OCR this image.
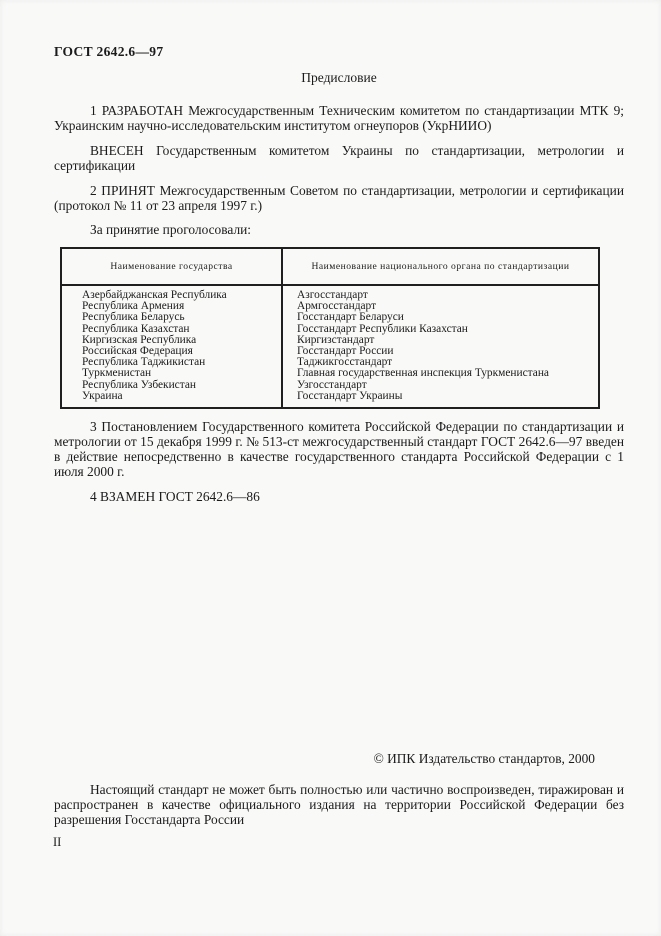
ГОСТ 2642.6—97
Предисловие

1 РАЗРАБОТАН Межгосударственным Техническим комитетом по стандартизации МТК 9; Украинским научно-исследовательским институтом огнеупоров (УкрНИИО)

ВНЕСЕН Государственным комитетом Украины по стандартизации, метрологии и сертификации

2 ПРИНЯТ Межгосударственным Советом по стандартизации, метрологии и сертификации (протокол № 11 от 23 апреля 1997 г.)

За принятие проголосовали:

Наименование государства	Наименование национального органа по стандартизации
Азербайджанская Республика	Азгосстандарт
Республика Армения	Армгосстандарт
Республика Беларусь	Госстандарт Беларуси
Республика Казахстан	Госстандарт Республики Казахстан
Киргизская Республика	Киргизстандарт
Российская Федерация	Госстандарт России
Республика Таджикистан	Таджикгосстандарт
Туркменистан	Главная государственная инспекция Туркменистана
Республика Узбекистан	Узгосстандарт
Украина	Госстандарт Украины

3 Постановлением Государственного комитета Российской Федерации по стандартизации и метрологии от 15 декабря 1999 г. № 513-ст межгосударственный стандарт ГОСТ 2642.6—97 введен в действие непосредственно в качестве государственного стандарта Российской Федерации с 1 июля 2000 г.

4 ВЗАМЕН ГОСТ 2642.6—86

© ИПК Издательство стандартов, 2000

Настоящий стандарт не может быть полностью или частично воспроизведен, тиражирован и распространен в качестве официального издания на территории Российской Федерации без разрешения Госстандарта России

II
